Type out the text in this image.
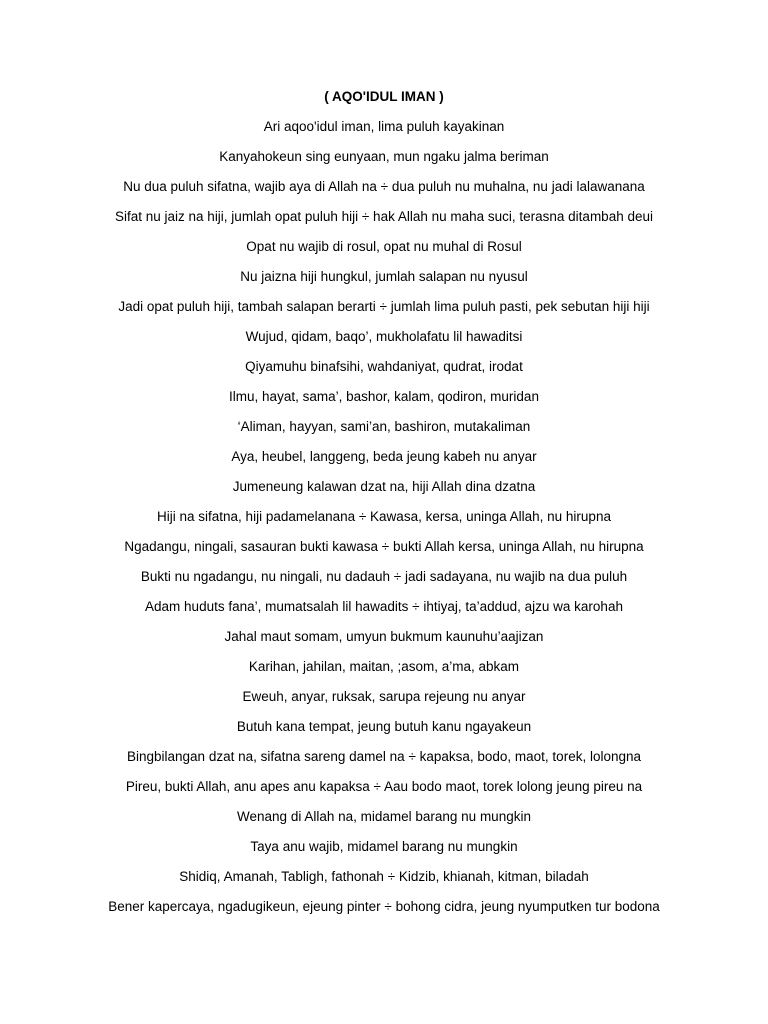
( AQO'IDUL IMAN )
Ari aqoo'idul iman, lima puluh kayakinan
Kanyahokeun sing eunyaan, mun ngaku jalma beriman
Nu dua puluh sifatna, wajib aya di Allah na ÷ dua puluh nu muhalna, nu jadi lalawanana
Sifat nu jaiz na hiji, jumlah opat puluh hiji ÷ hak Allah nu maha suci, terasna ditambah deui
Opat nu wajib di rosul, opat nu muhal di Rosul
Nu jaizna hiji hungkul, jumlah salapan nu nyusul
Jadi opat puluh hiji, tambah salapan berarti ÷ jumlah lima puluh pasti, pek sebutan hiji hiji
Wujud, qidam, baqo’, mukholafatu lil hawaditsi
Qiyamuhu binafsihi, wahdaniyat, qudrat, irodat
Ilmu, hayat, sama’, bashor, kalam, qodiron, muridan
‘Aliman, hayyan, sami’an, bashiron, mutakaliman
Aya, heubel, langgeng, beda jeung kabeh nu anyar
Jumeneung kalawan dzat na, hiji Allah dina dzatna
Hiji na sifatna, hiji padamelanana ÷ Kawasa, kersa, uninga Allah, nu hirupna
Ngadangu, ningali, sasauran bukti kawasa ÷ bukti Allah kersa, uninga Allah, nu hirupna
Bukti nu ngadangu, nu ningali, nu dadauh ÷ jadi sadayana, nu wajib na dua puluh
Adam huduts fana’, mumatsalah lil hawadits ÷ ihtiyaj, ta’addud, ajzu wa karohah
Jahal maut somam, umyun bukmum kaunuhu’aajizan
Karihan, jahilan, maitan, ;asom, a’ma, abkam
Eweuh, anyar, ruksak, sarupa rejeung nu anyar
Butuh kana tempat, jeung butuh kanu ngayakeun
Bingbilangan dzat na, sifatna sareng damel na ÷ kapaksa, bodo, maot, torek, lolongna
Pireu, bukti Allah, anu apes anu kapaksa ÷ Aau bodo maot, torek lolong jeung pireu na
Wenang di Allah na, midamel barang nu mungkin
Taya anu wajib, midamel barang nu mungkin
Shidiq, Amanah, Tabligh, fathonah ÷ Kidzib, khianah, kitman, biladah
Bener kapercaya, ngadugikeun, ejeung pinter ÷ bohong cidra, jeung nyumputken tur bodona
